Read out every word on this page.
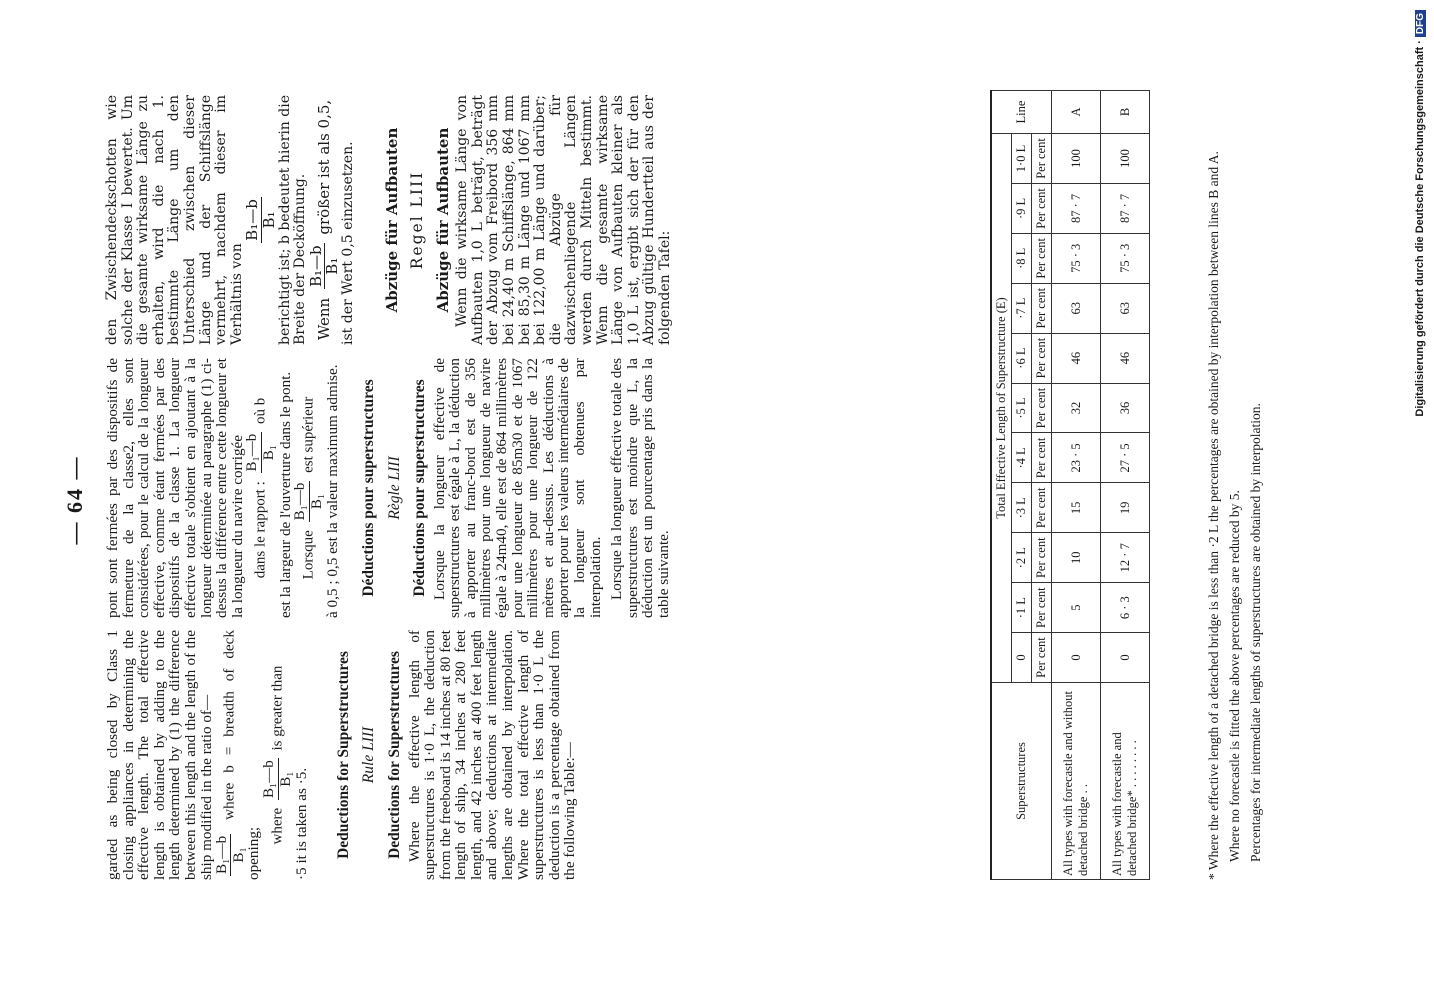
— 64 —

garded as being closed by Class 1 closing appliances in determining the effective length. The total effective length is obtained by adding to the length determined by (1) the difference between this length and the length of the ship modified in the ratio of—

B₁—b B₁
where b = breadth of deck opening;

where
B₁—b B₁
is greater than

·5 it is taken as ·5. Deductions for Superstructures Rule LIII Deductions for Superstructures Where the effective length of superstructures is 1·0 L, the deduction from the freeboard is 14 inches at 80 feet length of ship, 34 inches at 280 feet length, and 42 inches at 400 feet length and above; deductions at intermediate lengths are obtained by interpolation. Where the total effective length of superstructures is less than 1·0 L the deduction is a percentage obtained from the following Table:—

pont sont fermées par des dispositifs de fermeture de la classe2, elles sont considérées, pour le calcul de la longueur effective, comme étant fermées par des dispositifs de la classe 1. La longueur effective totale s'obtient en ajoutant à la longueur déterminée au paragraphe (1) ci-dessus la différence entre cette longueur et la longueur du navire corrigée dans le rapport :
B₁—b B₁
où b est la largeur de l'ouverture dans le pont. Lorsque
B₁—b B₁
est supérieur à 0,5 ; 0,5 est la valeur maximum admise. Déductions pour superstructures Règle LIII Déductions pour superstructures Lorsque la longueur effective de superstructures est égale à L, la déduction à apporter au franc-bord est de 356 millimètres pour une longueur de navire égale à 24m40, elle est de 864 millimètres pour une longueur de 85m30 et de 1067 millimètres pour une longueur de 122 mètres et au-dessus. Les déductions à apporter pour les valeurs intermédiaires de la longueur sont obtenues par interpolation. Lorsque la longueur effective totale des superstructures est moindre que L, la déduction est un pourcentage pris dans la table suivante.

den Zwischendeckschotten wie solche der Klasse I bewertet. Um die gesamte wirksame Länge zu erhalten, wird die nach 1. bestimmte Länge um den Unterschied zwischen dieser Länge und der Schiffslänge vermehrt, nachdem dieser im Verhältnis von

B₁—b
B₁

berichtigt ist; b bedeutet hierin die Breite der Decköffnung. Wenn
B₁—b
B₁
größer ist als 0,5, ist der Wert 0,5 einzusetzen. Abzüge für Aufbauten Regel LIII Abzüge für Aufbauten Wenn die wirksame Länge von Aufbauten 1,0 L beträgt, beträgt der Abzug vom Freibord 356 mm bei 24,40 m Schiffslänge, 864 mm bei 85,30 m Länge und 1067 mm bei 122,00 m Länge und darüber; die Abzüge für dazwischenliegende Längen werden durch Mitteln bestimmt. Wenn die gesamte wirksame Länge von Aufbauten kleiner als 1,0 L ist, ergibt sich der für den Abzug gültige Hundertteil aus der folgenden Tafel:

Superstructures	Total Effective Length of Superstructure (E)											Line
	0	·1 L	·2 L	·3 L	·4 L	·5 L	·6 L	·7 L	·8 L	·9 L	1·0 L	
	Per cent	Per cent	Per cent	Per cent	Per cent	Per cent	Per cent	Per cent	Per cent	Per cent	Per cent	
All types with forecastle and without detached bridge . .	0	5	10	15	23 · 5	32	46	63	75 · 3	87 · 7	100	A
All types with forecastle and detached bridge* . . . . . . . .	0	6 · 3	12 · 7	19	27 · 5	36	46	63	75 · 3	87 · 7	100	B

* Where the effective length of a detached bridge is less than ·2 L the percentages are obtained by interpolation between lines B and A. Where no forecastle is fitted the above percentages are reduced by 5. Percentages for intermediate lengths of superstructures are obtained by interpolation.

Digitalisierung gefördert durch die Deutsche Forschungsgemeinschaft ·DFG
